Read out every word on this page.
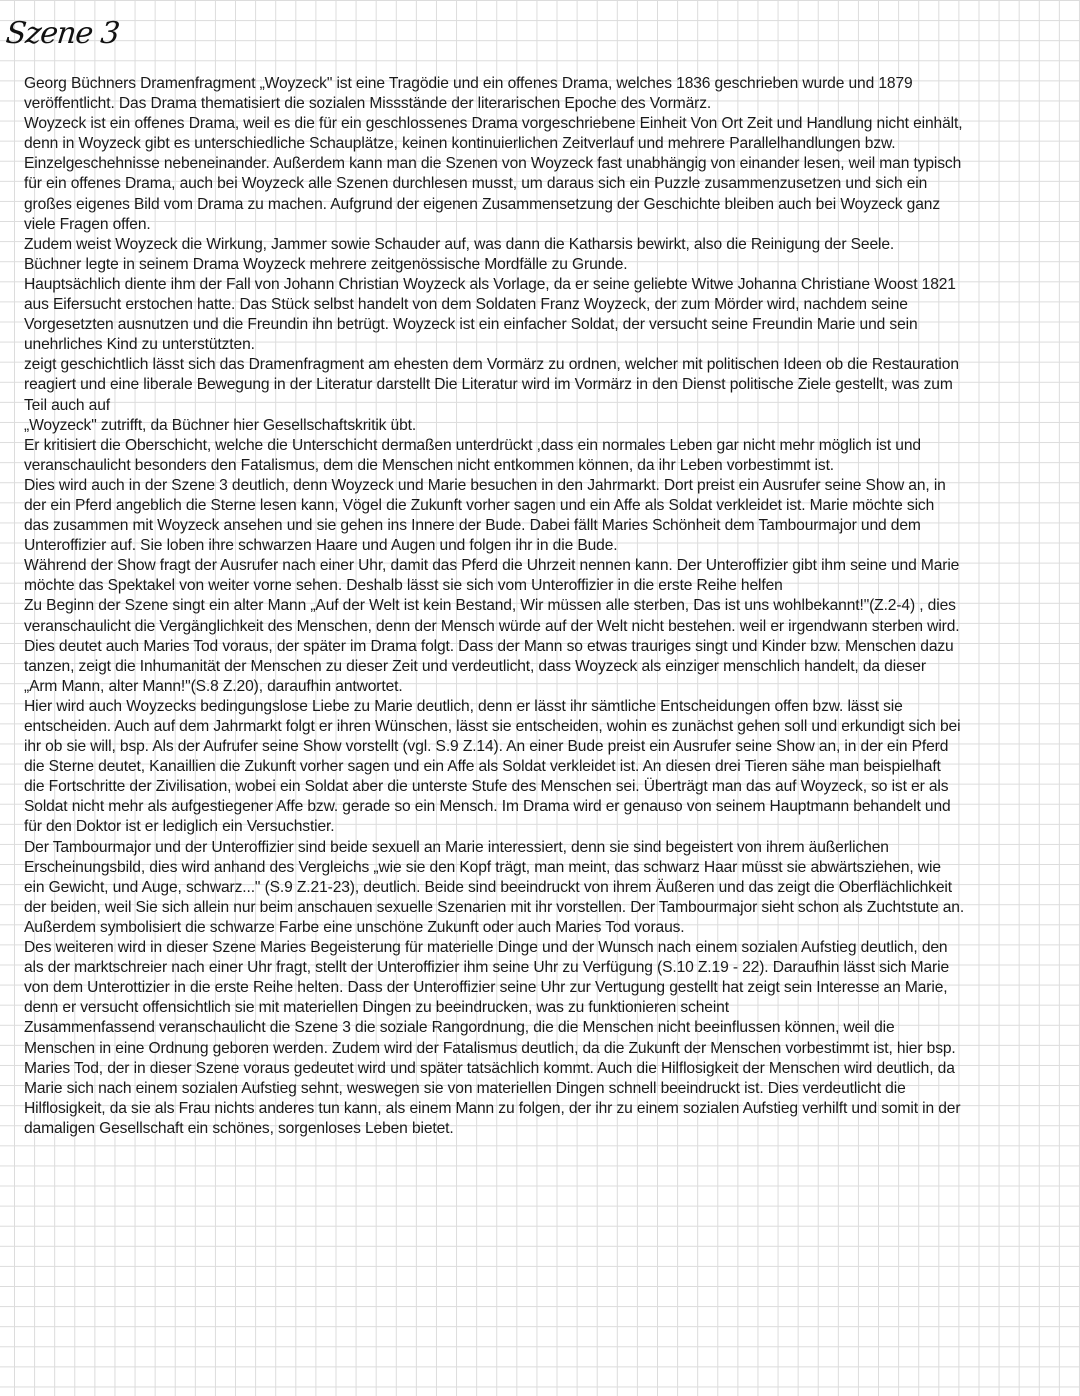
Szene 3
Georg Büchners Dramenfragment „Woyzeck" ist eine Tragödie und ein offenes Drama, welches 1836 geschrieben wurde und 1879
veröffentlicht. Das Drama thematisiert die sozialen Missstände der literarischen Epoche des Vormärz.
Woyzeck ist ein offenes Drama, weil es die für ein geschlossenes Drama vorgeschriebene Einheit Von Ort Zeit und Handlung nicht einhält,
denn in Woyzeck gibt es unterschiedliche Schauplätze, keinen kontinuierlichen Zeitverlauf und mehrere Parallelhandlungen bzw.
Einzelgeschehnisse nebeneinander. Außerdem kann man die Szenen von Woyzeck fast unabhängig von einander lesen, weil man typisch
für ein offenes Drama, auch bei Woyzeck alle Szenen durchlesen musst, um daraus sich ein Puzzle zusammenzusetzen und sich ein
großes eigenes Bild vom Drama zu machen. Aufgrund der eigenen Zusammensetzung der Geschichte bleiben auch bei Woyzeck ganz
viele Fragen offen.
Zudem weist Woyzeck die Wirkung, Jammer sowie Schauder auf, was dann die Katharsis bewirkt, also die Reinigung der Seele.
Büchner legte in seinem Drama Woyzeck mehrere zeitgenössische Mordfälle zu Grunde.
Hauptsächlich diente ihm der Fall von Johann Christian Woyzeck als Vorlage, da er seine geliebte Witwe Johanna Christiane Woost 1821
aus Eifersucht erstochen hatte. Das Stück selbst handelt von dem Soldaten Franz Woyzeck, der zum Mörder wird, nachdem seine
Vorgesetzten ausnutzen und die Freundin ihn betrügt. Woyzeck ist ein einfacher Soldat, der versucht seine Freundin Marie und sein
unehrliches Kind zu unterstützten.
zeigt geschichtlich lässt sich das Dramenfragment am ehesten dem Vormärz zu ordnen, welcher mit politischen Ideen ob die Restauration
reagiert und eine liberale Bewegung in der Literatur darstellt Die Literatur wird im Vormärz in den Dienst politische Ziele gestellt, was zum
Teil auch auf
„Woyzeck" zutrifft, da Büchner hier Gesellschaftskritik übt.
Er kritisiert die Oberschicht, welche die Unterschicht dermaßen unterdrückt ,dass ein normales Leben gar nicht mehr möglich ist und
veranschaulicht besonders den Fatalismus, dem die Menschen nicht entkommen können, da ihr Leben vorbestimmt ist.
Dies wird auch in der Szene 3 deutlich, denn Woyzeck und Marie besuchen in den Jahrmarkt. Dort preist ein Ausrufer seine Show an, in
der ein Pferd angeblich die Sterne lesen kann, Vögel die Zukunft vorher sagen und ein Affe als Soldat verkleidet ist. Marie möchte sich
das zusammen mit Woyzeck ansehen und sie gehen ins Innere der Bude. Dabei fällt Maries Schönheit dem Tambourmajor und dem
Unteroffizier auf. Sie loben ihre schwarzen Haare und Augen und folgen ihr in die Bude.
Während der Show fragt der Ausrufer nach einer Uhr, damit das Pferd die Uhrzeit nennen kann. Der Unteroffizier gibt ihm seine und Marie
möchte das Spektakel von weiter vorne sehen. Deshalb lässt sie sich vom Unteroffizier in die erste Reihe helfen
Zu Beginn der Szene singt ein alter Mann „Auf der Welt ist kein Bestand, Wir müssen alle sterben, Das ist uns wohlbekannt!"(Z.2-4) , dies
veranschaulicht die Vergänglichkeit des Menschen, denn der Mensch würde auf der Welt nicht bestehen. weil er irgendwann sterben wird.
Dies deutet auch Maries Tod voraus, der später im Drama folgt. Dass der Mann so etwas trauriges singt und Kinder bzw. Menschen dazu
tanzen, zeigt die Inhumanität der Menschen zu dieser Zeit und verdeutlicht, dass Woyzeck als einziger menschlich handelt, da dieser
„Arm Mann, alter Mann!"(S.8 Z.20), daraufhin antwortet.
Hier wird auch Woyzecks bedingungslose Liebe zu Marie deutlich, denn er lässt ihr sämtliche Entscheidungen offen bzw. lässt sie
entscheiden. Auch auf dem Jahrmarkt folgt er ihren Wünschen, lässt sie entscheiden, wohin es zunächst gehen soll und erkundigt sich bei
ihr ob sie will, bsp. Als der Aufrufer seine Show vorstellt (vgl. S.9 Z.14). An einer Bude preist ein Ausrufer seine Show an, in der ein Pferd
die Sterne deutet, Kanaillien die Zukunft vorher sagen und ein Affe als Soldat verkleidet ist. An diesen drei Tieren sähe man beispielhaft
die Fortschritte der Zivilisation, wobei ein Soldat aber die unterste Stufe des Menschen sei. Überträgt man das auf Woyzeck, so ist er als
Soldat nicht mehr als aufgestiegener Affe bzw. gerade so ein Mensch. Im Drama wird er genauso von seinem Hauptmann behandelt und
für den Doktor ist er lediglich ein Versuchstier.
Der Tambourmajor und der Unteroffizier sind beide sexuell an Marie interessiert, denn sie sind begeistert von ihrem äußerlichen
Erscheinungsbild, dies wird anhand des Vergleichs „wie sie den Kopf trägt, man meint, das schwarz Haar müsst sie abwärtsziehen, wie
ein Gewicht, und Auge, schwarz..." (S.9 Z.21-23), deutlich. Beide sind beeindruckt von ihrem Äußeren und das zeigt die Oberflächlichkeit
der beiden, weil Sie sich allein nur beim anschauen sexuelle Szenarien mit ihr vorstellen. Der Tambourmajor sieht schon als Zuchtstute an.
Außerdem symbolisiert die schwarze Farbe eine unschöne Zukunft oder auch Maries Tod voraus.
Des weiteren wird in dieser Szene Maries Begeisterung für materielle Dinge und der Wunsch nach einem sozialen Aufstieg deutlich, den
als der marktschreier nach einer Uhr fragt, stellt der Unteroffizier ihm seine Uhr zu Verfügung (S.10 Z.19 - 22). Daraufhin lässt sich Marie
von dem Unterottizier in die erste Reihe helten. Dass der Unteroffizier seine Uhr zur Vertugung gestellt hat zeigt sein Interesse an Marie,
denn er versucht offensichtlich sie mit materiellen Dingen zu beeindrucken, was zu funktionieren scheint
Zusammenfassend veranschaulicht die Szene 3 die soziale Rangordnung, die die Menschen nicht beeinflussen können, weil die
Menschen in eine Ordnung geboren werden. Zudem wird der Fatalismus deutlich, da die Zukunft der Menschen vorbestimmt ist, hier bsp.
Maries Tod, der in dieser Szene voraus gedeutet wird und später tatsächlich kommt. Auch die Hilflosigkeit der Menschen wird deutlich, da
Marie sich nach einem sozialen Aufstieg sehnt, weswegen sie von materiellen Dingen schnell beeindruckt ist. Dies verdeutlicht die
Hilflosigkeit, da sie als Frau nichts anderes tun kann, als einem Mann zu folgen, der ihr zu einem sozialen Aufstieg verhilft und somit in der
damaligen Gesellschaft ein schönes, sorgenloses Leben bietet.
